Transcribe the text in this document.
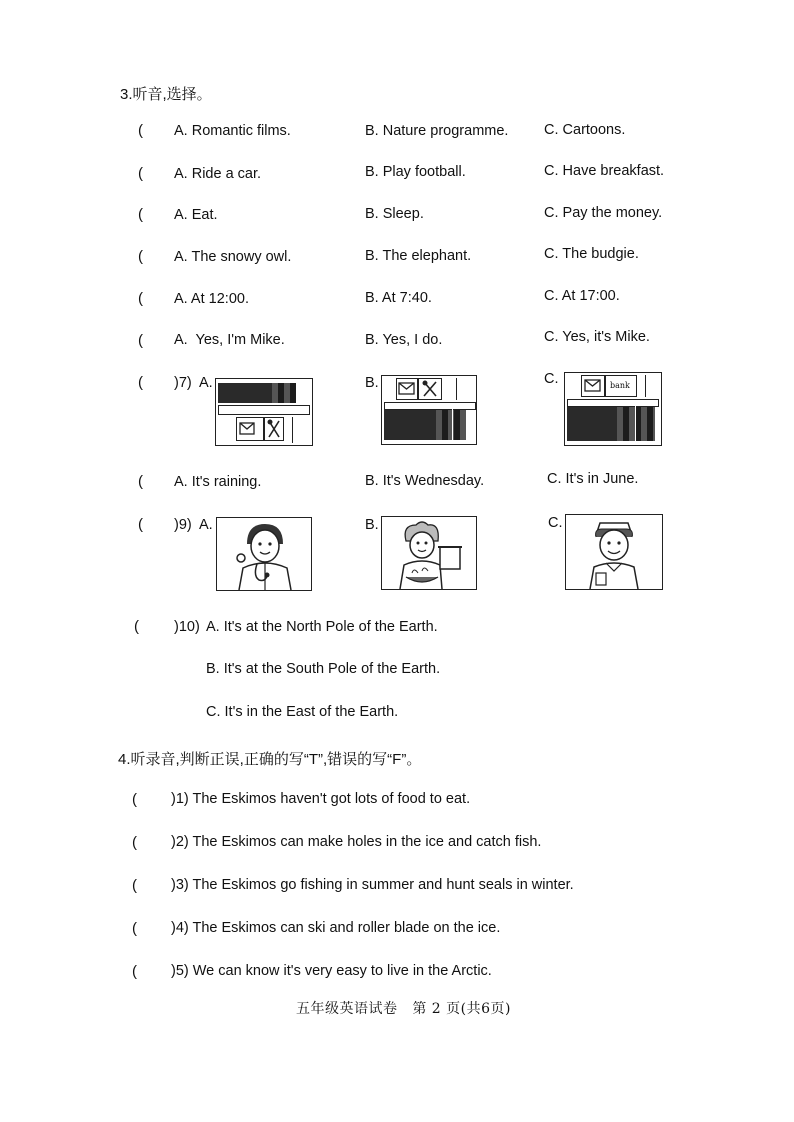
3.听音,选择。
( A. Romantic films.	B. Nature programme. C. Cartoons.
( A. Ride a car.	B. Play football.	C. Have breakfast.
( A. Eat.	B. Sleep.	C. Pay the money.
( A. The snowy owl.	B. The elephant.	C. The budgie.
( A. At 12:00.	B. At 7:40.	C. At 17:00.
( A.  Yes, I'm Mike.	B. Yes, I do.	C. Yes, it's Mike.
( )7) A.	B.	C.	bank
( A. It's raining.	B. It's Wednesday.	C. It's in June.
( )9) A.	B.	C.
( )10) A. It's at the North Pole of the Earth.
B. It's at the South Pole of the Earth.
C. It's in the East of the Earth.
4.听录音,判断正误,正确的写“T”,错误的写“F”。
( )1) The Eskimos haven't got lots of food to eat.
( )2) The Eskimos can make holes in the ice and catch fish.
( )3) The Eskimos go fishing in summer and hunt seals in winter.
( )4) The Eskimos can ski and roller blade on the ice.
( )5) We can know it's very easy to live in the Arctic.
五年级英语试卷   第 2 页(共6页)
